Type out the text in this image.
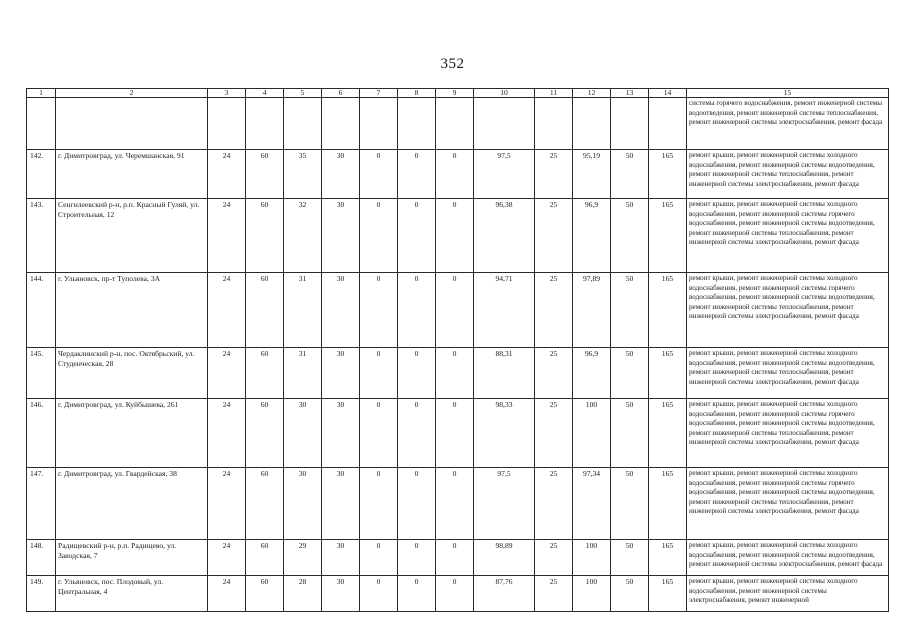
352
1	2	3	4	5	6	7	8	9	10	11	12	13	14	15
														системы горячего водоснабжения, ремонт инженерной системы водоотведения, ремонт инженерной системы теплоснабжения, ремонт инженерной системы электроснабжения, ремонт фасада
142.	г. Димитровград, ул. Черемшанская, 91	24	60	35	30	0	0	0	97,5	25	95,19	50	165	ремонт крыши, ремонт инженерной системы холодного водоснабжения, ремонт инженерной системы водоотведения, ремонт инженерной системы теплоснабжения, ремонт инженерной системы электроснабжения, ремонт фасада
143.	Сенгилеевский р-н, р.п. Красный Гуляй, ул. Строительная, 12	24	60	32	30	0	0	0	96,38	25	96,9	50	165	ремонт крыши, ремонт инженерной системы холодного водоснабжения, ремонт инженерной системы горячего водоснабжения, ремонт инженерной системы водоотведения, ремонт инженерной системы теплоснабжения, ремонт инженерной системы электроснабжения, ремонт фасада
144.	г. Ульяновск, пр-т Туполева, 3А	24	60	31	30	0	0	0	94,71	25	97,89	50	165	ремонт крыши, ремонт инженерной системы холодного водоснабжения, ремонт инженерной системы горячего водоснабжения, ремонт инженерной системы водоотведения, ремонт инженерной системы теплоснабжения, ремонт инженерной системы электроснабжения, ремонт фасада
145.	Чердаклинский р-н, пос. Октябрьский, ул. Студенческая, 28	24	60	31	30	0	0	0	88,31	25	96,9	50	165	ремонт крыши, ремонт инженерной системы холодного водоснабжения, ремонт инженерной системы водоотведения, ремонт инженерной системы теплоснабжения, ремонт инженерной системы электроснабжения, ремонт фасада
146.	г. Димитровград, ул. Куйбышева, 261	24	60	30	30	0	0	0	98,33	25	100	50	165	ремонт крыши, ремонт инженерной системы холодного водоснабжения, ремонт инженерной системы горячего водоснабжения, ремонт инженерной системы водоотведения, ремонт инженерной системы теплоснабжения, ремонт инженерной системы электроснабжения, ремонт фасада
147.	г. Димитровград, ул. Гвардейская, 38	24	60	30	30	0	0	0	97,5	25	97,34	50	165	ремонт крыши, ремонт инженерной системы холодного водоснабжения, ремонт инженерной системы горячего водоснабжения, ремонт инженерной системы водоотведения, ремонт инженерной системы теплоснабжения, ремонт инженерной системы электроснабжения, ремонт фасада
148.	Радищевский р-н, р.п. Радищево, ул. Заводская, 7	24	60	29	30	0	0	0	98,89	25	100	50	165	ремонт крыши, ремонт инженерной системы холодного водоснабжения, ремонт инженерной системы водоотведения, ремонт инженерной системы электроснабжения, ремонт фасада
149.	г. Ульяновск, пос. Плодовый, ул. Центральная, 4	24	60	28	30	0	0	0	87,76	25	100	50	165	ремонт крыши, ремонт инженерной системы холодного водоснабжения, ремонт инженерной системы электроснабжения, ремонт инженерной
